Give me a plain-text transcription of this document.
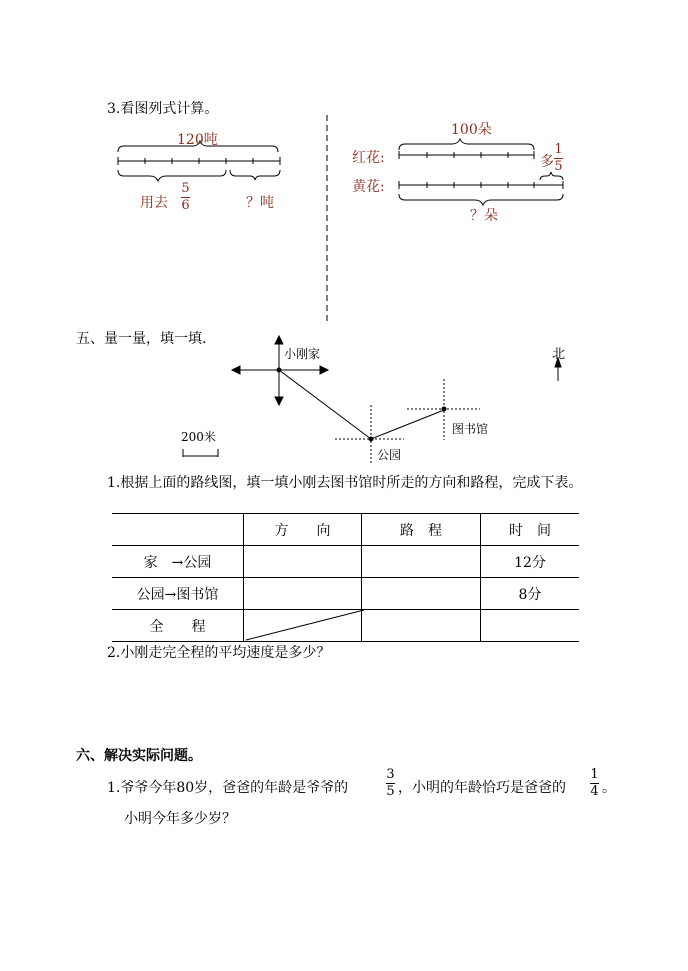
3.看图列式计算。
120吨
用去
5
6	？吨
100朵
红花:
黄花:
多
1
5
？朵
五、量一量，填一填.
小刚家
公园
图书馆
北
200米
1.根据上面的路线图，填一填小刚去图书馆时所走的方向和路程，完成下表。
	方　　向	路　程	时　间
家　→公园			12分
公园→图书馆			8分
全　　程			
2.小刚走完全程的平均速度是多少？
六、解决实际问题。
1.爷爷今年80岁，爸爸的年龄是爷爷的
3
5 ，小明的年龄恰巧是爸爸的
1
4 。
小明今年多少岁？
